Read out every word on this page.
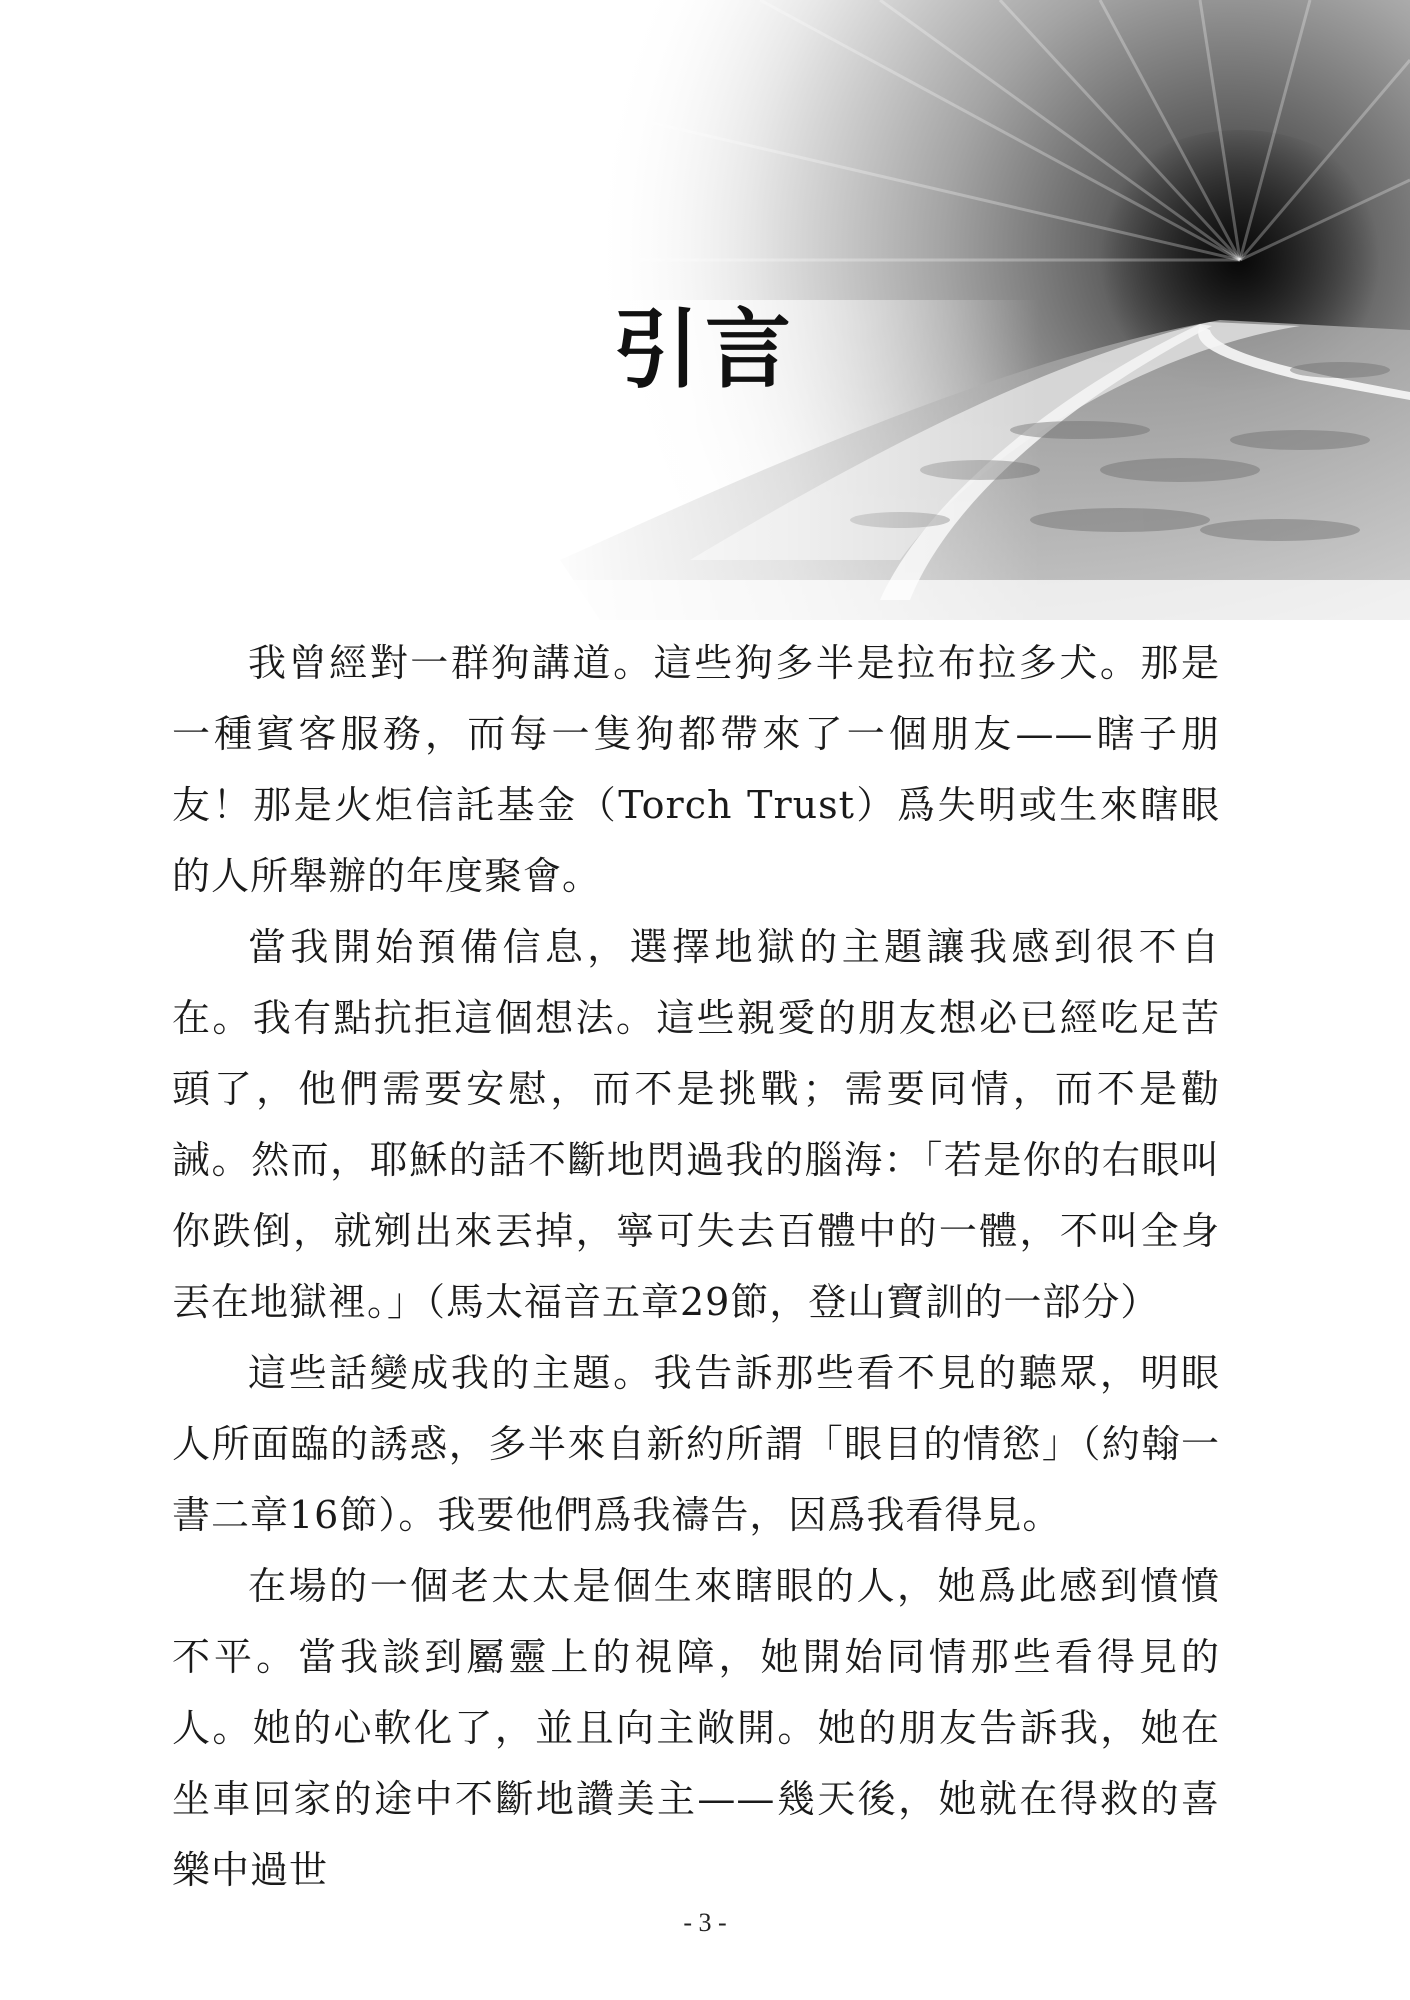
引言

我曾經對一群狗講道。這些狗多半是拉布拉多犬。那是一種賓客服務，而每一隻狗都帶來了一個朋友——瞎子朋友！那是火炬信託基金（Torch Trust）爲失明或生來瞎眼的人所舉辦的年度聚會。

當我開始預備信息，選擇地獄的主題讓我感到很不自在。我有點抗拒這個想法。這些親愛的朋友想必已經吃足苦頭了，他們需要安慰，而不是挑戰；需要同情，而不是勸誡。然而，耶穌的話不斷地閃過我的腦海：「若是你的右眼叫你跌倒，就剜出來丟掉，寧可失去百體中的一體，不叫全身丟在地獄裡。」（馬太福音五章29節，登山寶訓的一部分）

這些話變成我的主題。我告訴那些看不見的聽眾，明眼人所面臨的誘惑，多半來自新約所謂「眼目的情慾」（約翰一書二章16節）。我要他們爲我禱告，因爲我看得見。

在場的一個老太太是個生來瞎眼的人，她爲此感到憤憤不平。當我談到屬靈上的視障，她開始同情那些看得見的人。她的心軟化了，並且向主敞開。她的朋友告訴我，她在坐車回家的途中不斷地讚美主——幾天後，她就在得救的喜樂中過世

- 3 -
